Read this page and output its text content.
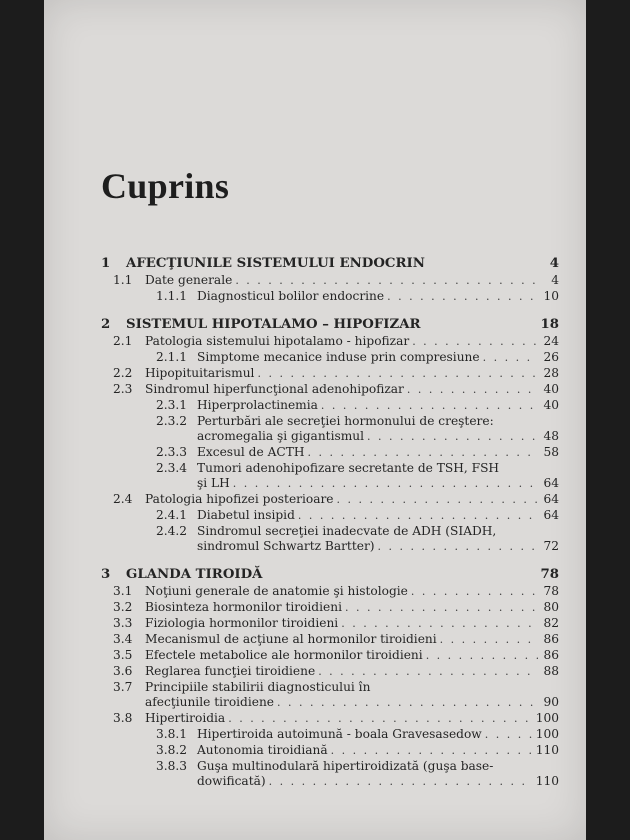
Cuprins
1 AFECŢIUNILE SISTEMULUI ENDOCRIN	4
1.1 Date generale . . .	4
1.1.1 Diagnosticul bolilor endocrine . . .	10
2 SISTEMUL HIPOTALAMO – HIPOFIZAR	18
2.1 Patologia sistemului hipotalamo - hipofizar . . .	24
2.1.1 Simptome mecanice induse prin compresiune . . .	26
2.2 Hipopituitarismul . . .	28
2.3 Sindromul hiperfuncţional adenohipofizar . . .	40
2.3.1 Hiperprolactinemia . . .	40
2.3.2 Perturbări ale secreţiei hormonului de creştere:
acromegalia şi gigantismul . . .	48
2.3.3 Excesul de ACTH . . .	58
2.3.4 Tumori adenohipofizare secretante de TSH, FSH
şi LH . . .	64
2.4 Patologia hipofizei posterioare . . .	64
2.4.1 Diabetul insipid . . .	64
2.4.2 Sindromul secreţiei inadecvate de ADH (SIADH,
sindromul Schwartz Bartter) . . .	72
3 GLANDA TIROIDĂ	78
3.1 Noţiuni generale de anatomie şi histologie . . .	78
3.2 Biosinteza hormonilor tiroidieni . . .	80
3.3 Fiziologia hormonilor tiroidieni . . .	82
3.4 Mecanismul de acţiune al hormonilor tiroidieni . . .	86
3.5 Efectele metabolice ale hormonilor tiroidieni . . .	86
3.6 Reglarea funcţiei tiroidiene . . .	88
3.7 Principiile stabilirii diagnosticului în
afecţiunile tiroidiene . . .	90
3.8 Hipertiroidia . . .	100
3.8.1 Hipertiroida autoimună - boala Gravesasedow . . .	100
3.8.2 Autonomia tiroidiană . . .	110
3.8.3 Guşa multinodulară hipertiroidizată (guşa base-
dowificată) . . .	110
